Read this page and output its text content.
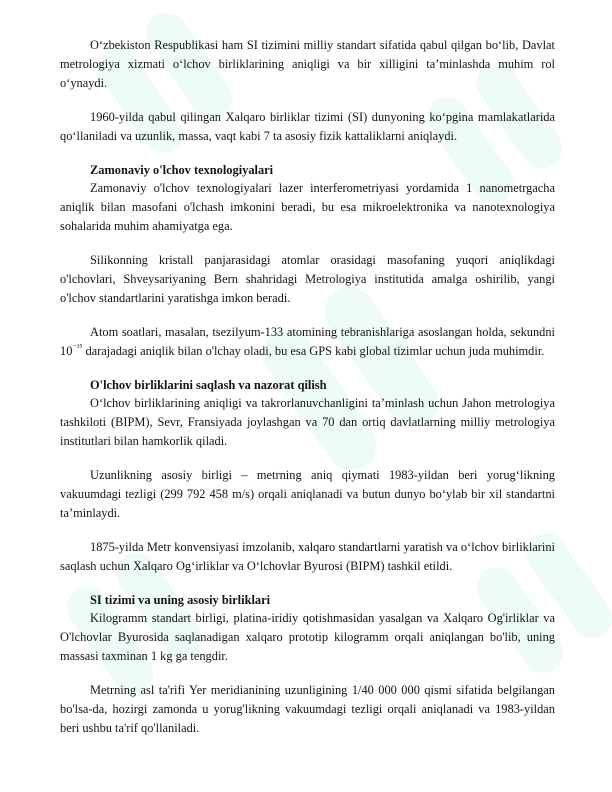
O‘zbekiston Respublikasi ham SI tizimini milliy standart sifatida qabul qilgan bo‘lib, Davlat metrologiya xizmati o‘lchov birliklarining aniqligi va bir xilligini ta’minlashda muhim rol o‘ynaydi.

1960-yilda qabul qilingan Xalqaro birliklar tizimi (SI) dunyoning ko‘pgina mamlakatlarida qo‘llaniladi va uzunlik, massa, vaqt kabi 7 ta asosiy fizik kattaliklarni aniqlaydi.

Zamonaviy o'lchov texnologiyalari

Zamonaviy o'lchov texnologiyalari lazer interferometriyasi yordamida 1 nanometrgacha aniqlik bilan masofani o'lchash imkonini beradi, bu esa mikroelektronika va nanotexnologiya sohalarida muhim ahamiyatga ega.

Silikonning kristall panjarasidagi atomlar orasidagi masofaning yuqori aniqlikdagi o'lchovlari, Shveysariyaning Bern shahridagi Metrologiya institutida amalga oshirilib, yangi o'lchov standartlarini yaratishga imkon beradi.

Atom soatlari, masalan, tsezilyum-133 atomining tebranishlariga asoslangan holda, sekundni $10^{^{-15}}$ darajadagi aniqlik bilan o'lchay oladi, bu esa GPS kabi global tizimlar uchun juda muhimdir.

O'lchov birliklarini saqlash va nazorat qilish

O‘lchov birliklarining aniqligi va takrorlanuvchanligini ta’minlash uchun Jahon metrologiya tashkiloti (BIPM), Sevr, Fransiyada joylashgan va 70 dan ortiq davlatlarning milliy metrologiya institutlari bilan hamkorlik qiladi.

Uzunlikning asosiy birligi – metrning aniq qiymati 1983-yildan beri yorug‘likning vakuumdagi tezligi (299 792 458 m/s) orqali aniqlanadi va butun dunyo bo‘ylab bir xil standartni ta’minlaydi.

1875-yilda Metr konvensiyasi imzolanib, xalqaro standartlarni yaratish va o‘lchov birliklarini saqlash uchun Xalqaro Og‘irliklar va O‘lchovlar Byurosi (BIPM) tashkil etildi.

SI tizimi va uning asosiy birliklari

Kilogramm standart birligi, platina-iridiy qotishmasidan yasalgan va Xalqaro Og'irliklar va O'lchovlar Byurosida saqlanadigan xalqaro prototip kilogramm orqali aniqlangan bo'lib, uning massasi taxminan 1 kg ga tengdir.

Metrning asl ta'rifi Yer meridianining uzunligining 1/40 000 000 qismi sifatida belgilangan bo'lsa-da, hozirgi zamonda u yorug'likning vakuumdagi tezligi orqali aniqlanadi va 1983-yildan beri ushbu ta'rif qo'llaniladi.
